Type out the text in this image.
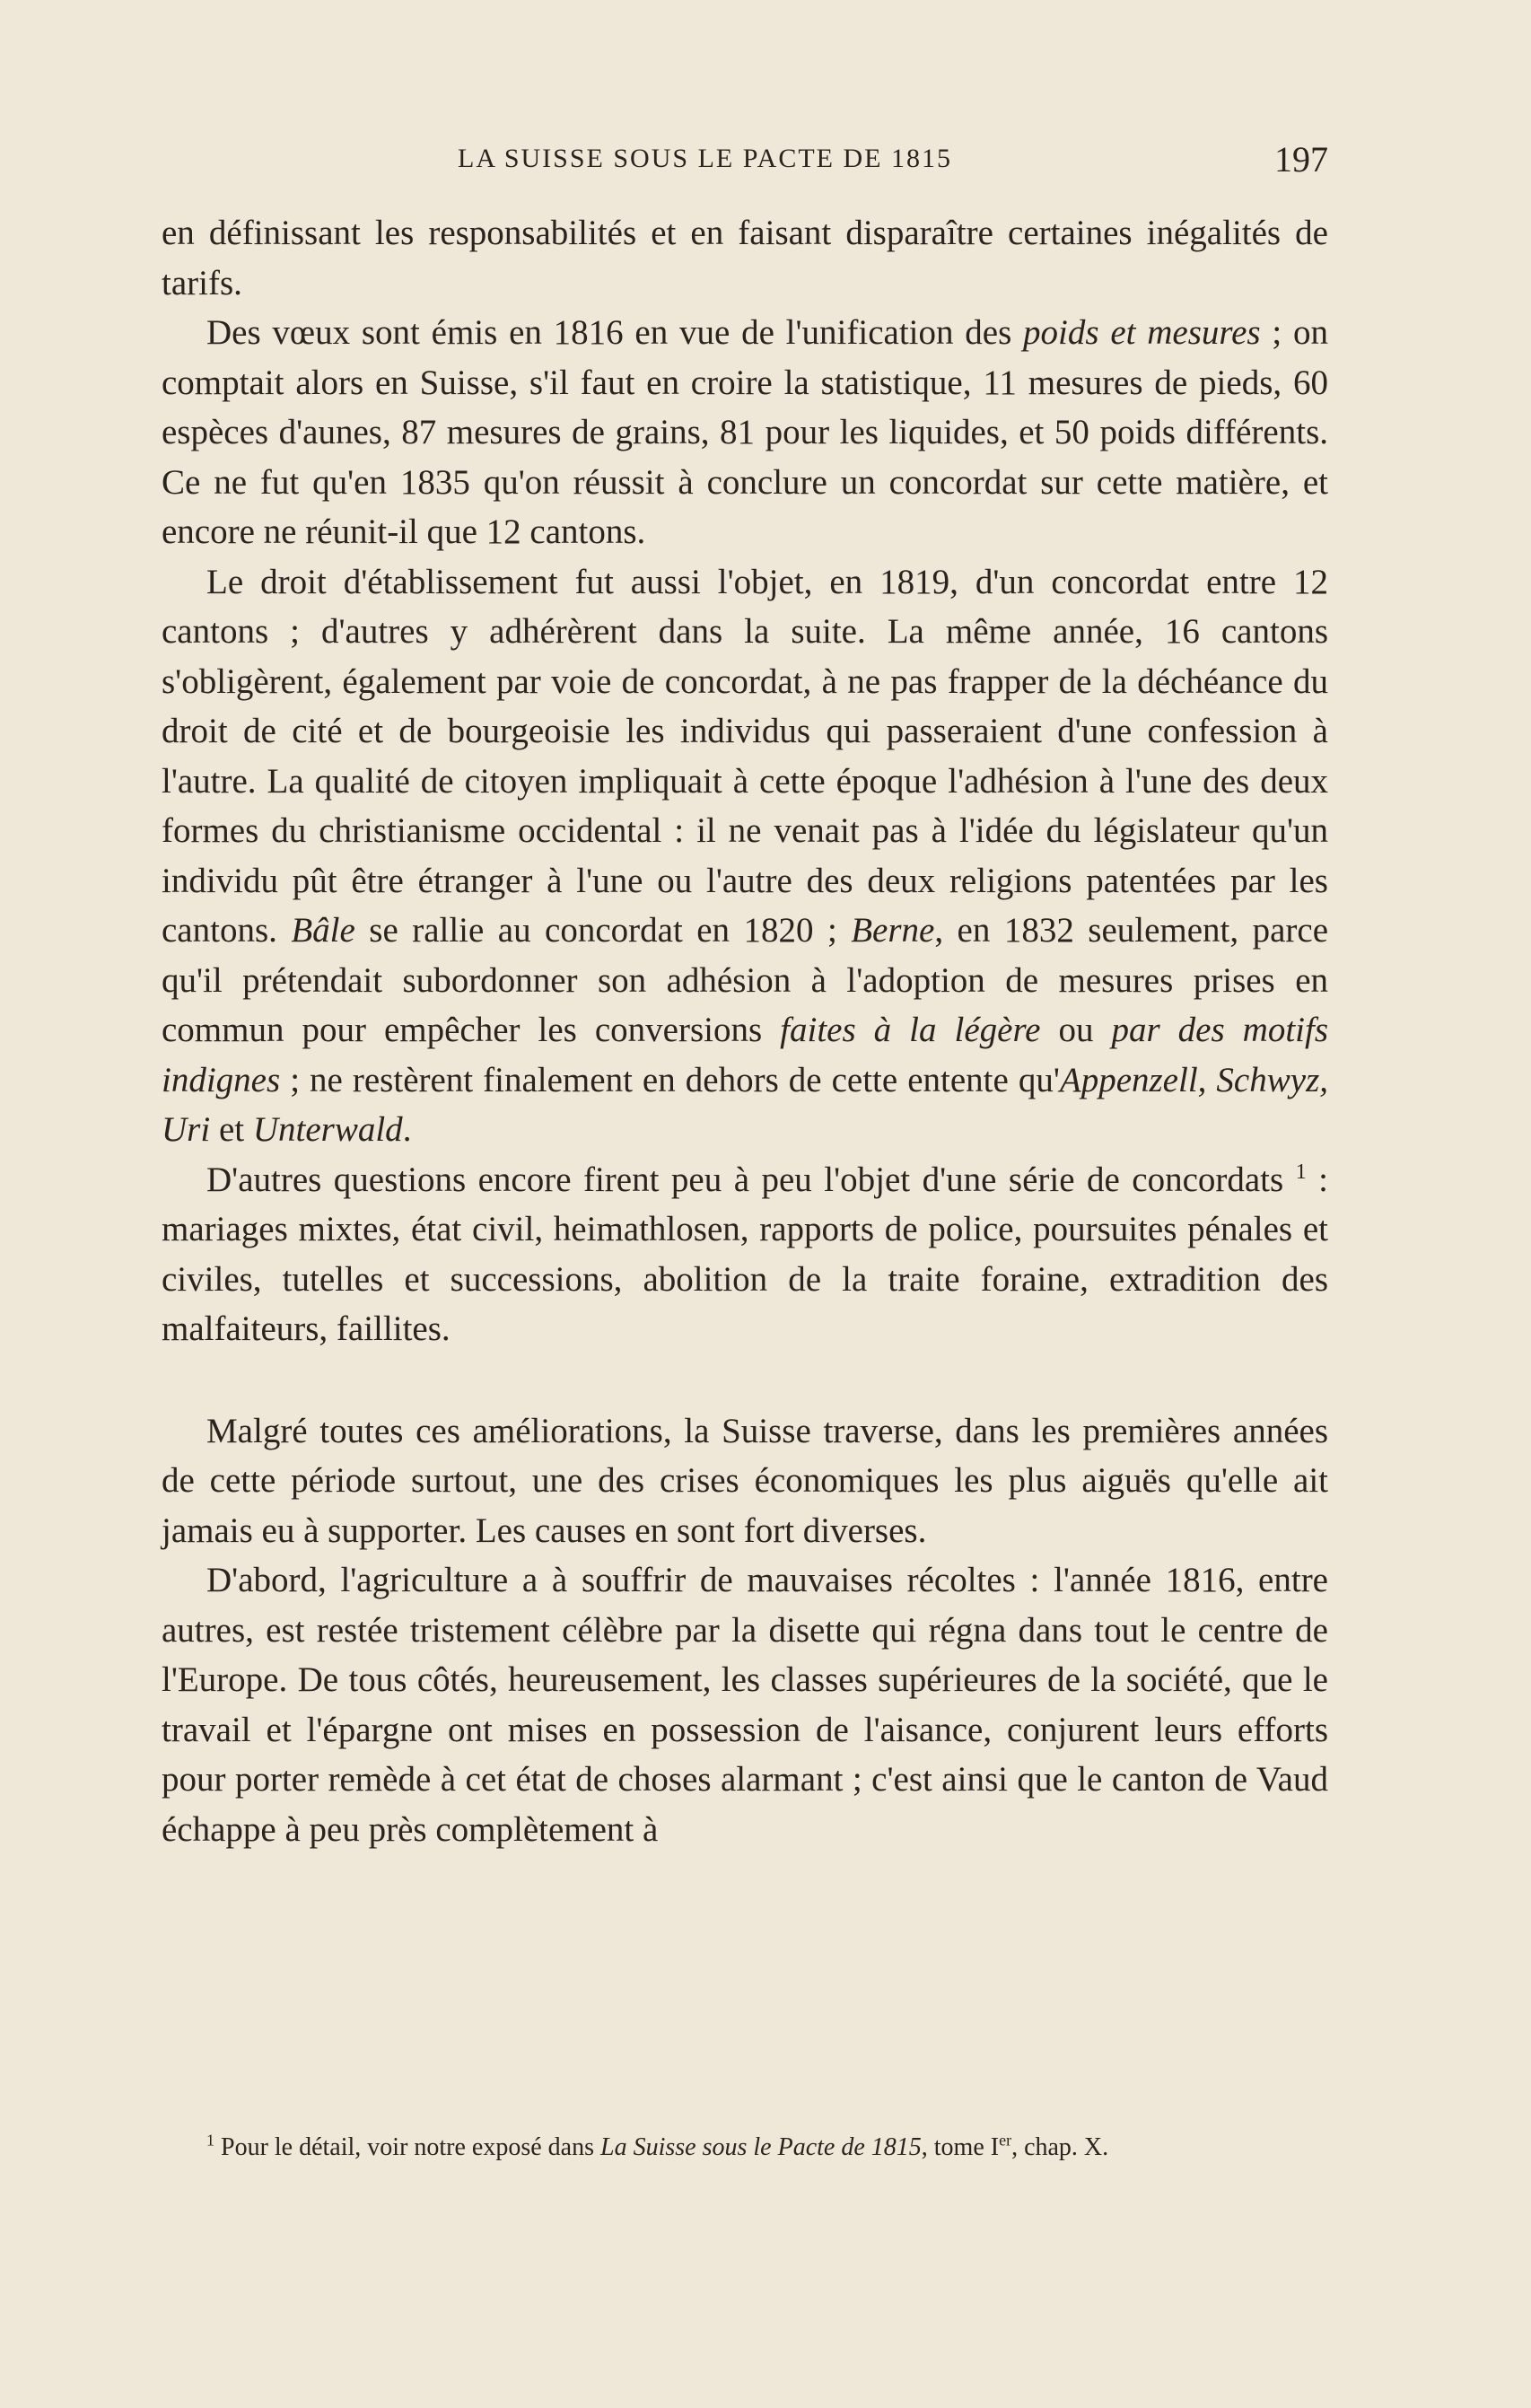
LA SUISSE SOUS LE PACTE DE 1815	197

en définissant les responsabilités et en faisant disparaître certaines inégalités de tarifs.

Des vœux sont émis en 1816 en vue de l'unification des poids et mesures ; on comptait alors en Suisse, s'il faut en croire la statistique, 11 mesures de pieds, 60 espèces d'aunes, 87 mesures de grains, 81 pour les liquides, et 50 poids différents. Ce ne fut qu'en 1835 qu'on réussit à conclure un concordat sur cette matière, et encore ne réunit-il que 12 cantons.

Le droit d'établissement fut aussi l'objet, en 1819, d'un concordat entre 12 cantons ; d'autres y adhérèrent dans la suite. La même année, 16 cantons s'obligèrent, également par voie de concordat, à ne pas frapper de la déchéance du droit de cité et de bourgeoisie les individus qui passeraient d'une confession à l'autre. La qualité de citoyen impliquait à cette époque l'adhésion à l'une des deux formes du christianisme occidental : il ne venait pas à l'idée du législateur qu'un individu pût être étranger à l'une ou l'autre des deux religions patentées par les cantons. Bâle se rallie au concordat en 1820 ; Berne, en 1832 seulement, parce qu'il prétendait subordonner son adhésion à l'adoption de mesures prises en commun pour empêcher les conversions faites à la légère ou par des motifs indignes ; ne restèrent finalement en dehors de cette entente qu'Appenzell, Schwyz, Uri et Unterwald.

D'autres questions encore firent peu à peu l'objet d'une série de concordats $^1$ : mariages mixtes, état civil, heimathlosen, rapports de police, poursuites pénales et civiles, tutelles et successions, abolition de la traite foraine, extradition des malfaiteurs, faillites.

Malgré toutes ces améliorations, la Suisse traverse, dans les premières années de cette période surtout, une des crises économiques les plus aiguës qu'elle ait jamais eu à supporter. Les causes en sont fort diverses.

D'abord, l'agriculture a à souffrir de mauvaises récoltes : l'année 1816, entre autres, est restée tristement célèbre par la disette qui régna dans tout le centre de l'Europe. De tous côtés, heureusement, les classes supérieures de la société, que le travail et l'épargne ont mises en possession de l'aisance, conjurent leurs efforts pour porter remède à cet état de choses alarmant ; c'est ainsi que le canton de Vaud échappe à peu près complètement à

$^1$ Pour le détail, voir notre exposé dans La Suisse sous le Pacte de 1815, tome Ier, chap. X.
